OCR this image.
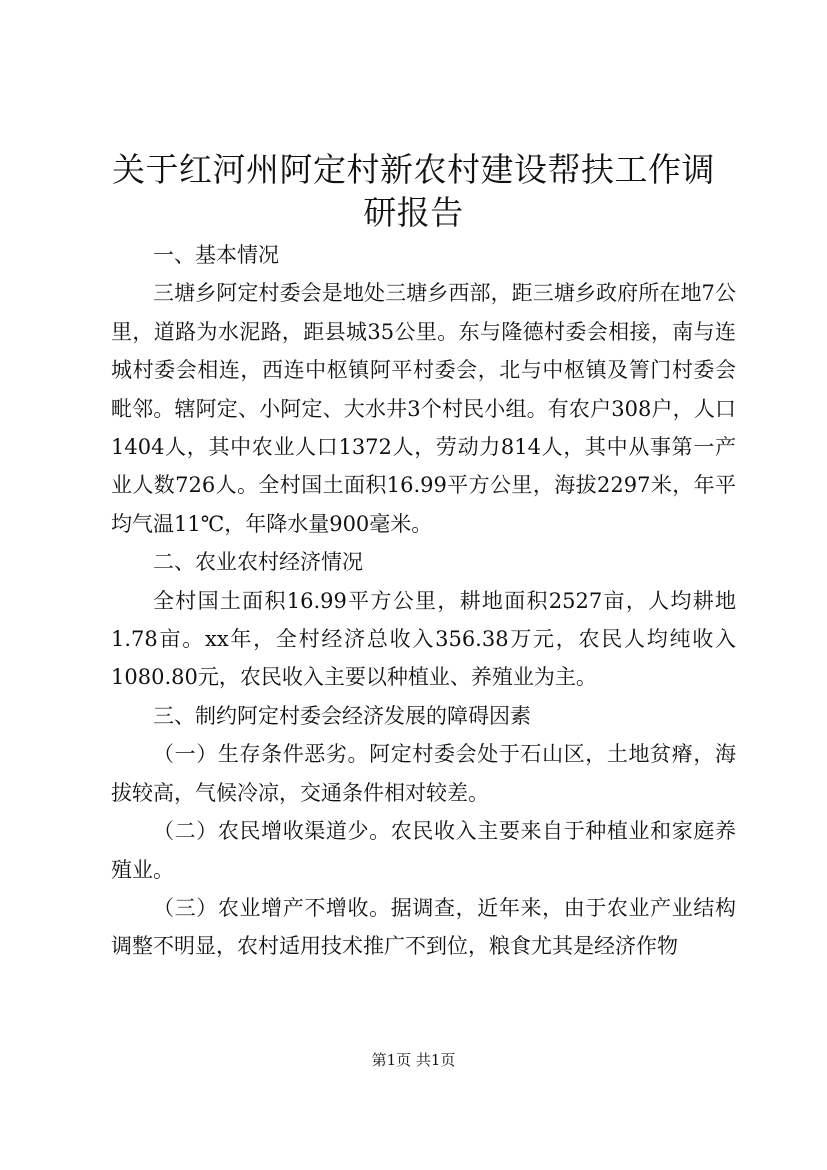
关于红河州阿定村新农村建设帮扶工作调研报告

一、基本情况

三塘乡阿定村委会是地处三塘乡西部，距三塘乡政府所在地7公里，道路为水泥路，距县城35公里。东与隆德村委会相接，南与连城村委会相连，西连中枢镇阿平村委会，北与中枢镇及箐门村委会毗邻。辖阿定、小阿定、大水井3个村民小组。有农户308户，人口1404人，其中农业人口1372人，劳动力814人，其中从事第一产业人数726人。全村国土面积16.99平方公里，海拔2297米，年平均气温11℃，年降水量900毫米。

二、农业农村经济情况

全村国土面积16.99平方公里，耕地面积2527亩，人均耕地1.78亩。xx年，全村经济总收入356.38万元，农民人均纯收入1080.80元，农民收入主要以种植业、养殖业为主。

三、制约阿定村委会经济发展的障碍因素

（一）生存条件恶劣。阿定村委会处于石山区，土地贫瘠，海拔较高，气候冷凉，交通条件相对较差。

（二）农民增收渠道少。农民收入主要来自于种植业和家庭养殖业。

（三）农业增产不增收。据调查，近年来，由于农业产业结构调整不明显，农村适用技术推广不到位，粮食尤其是经济作物

第1页 共1页
